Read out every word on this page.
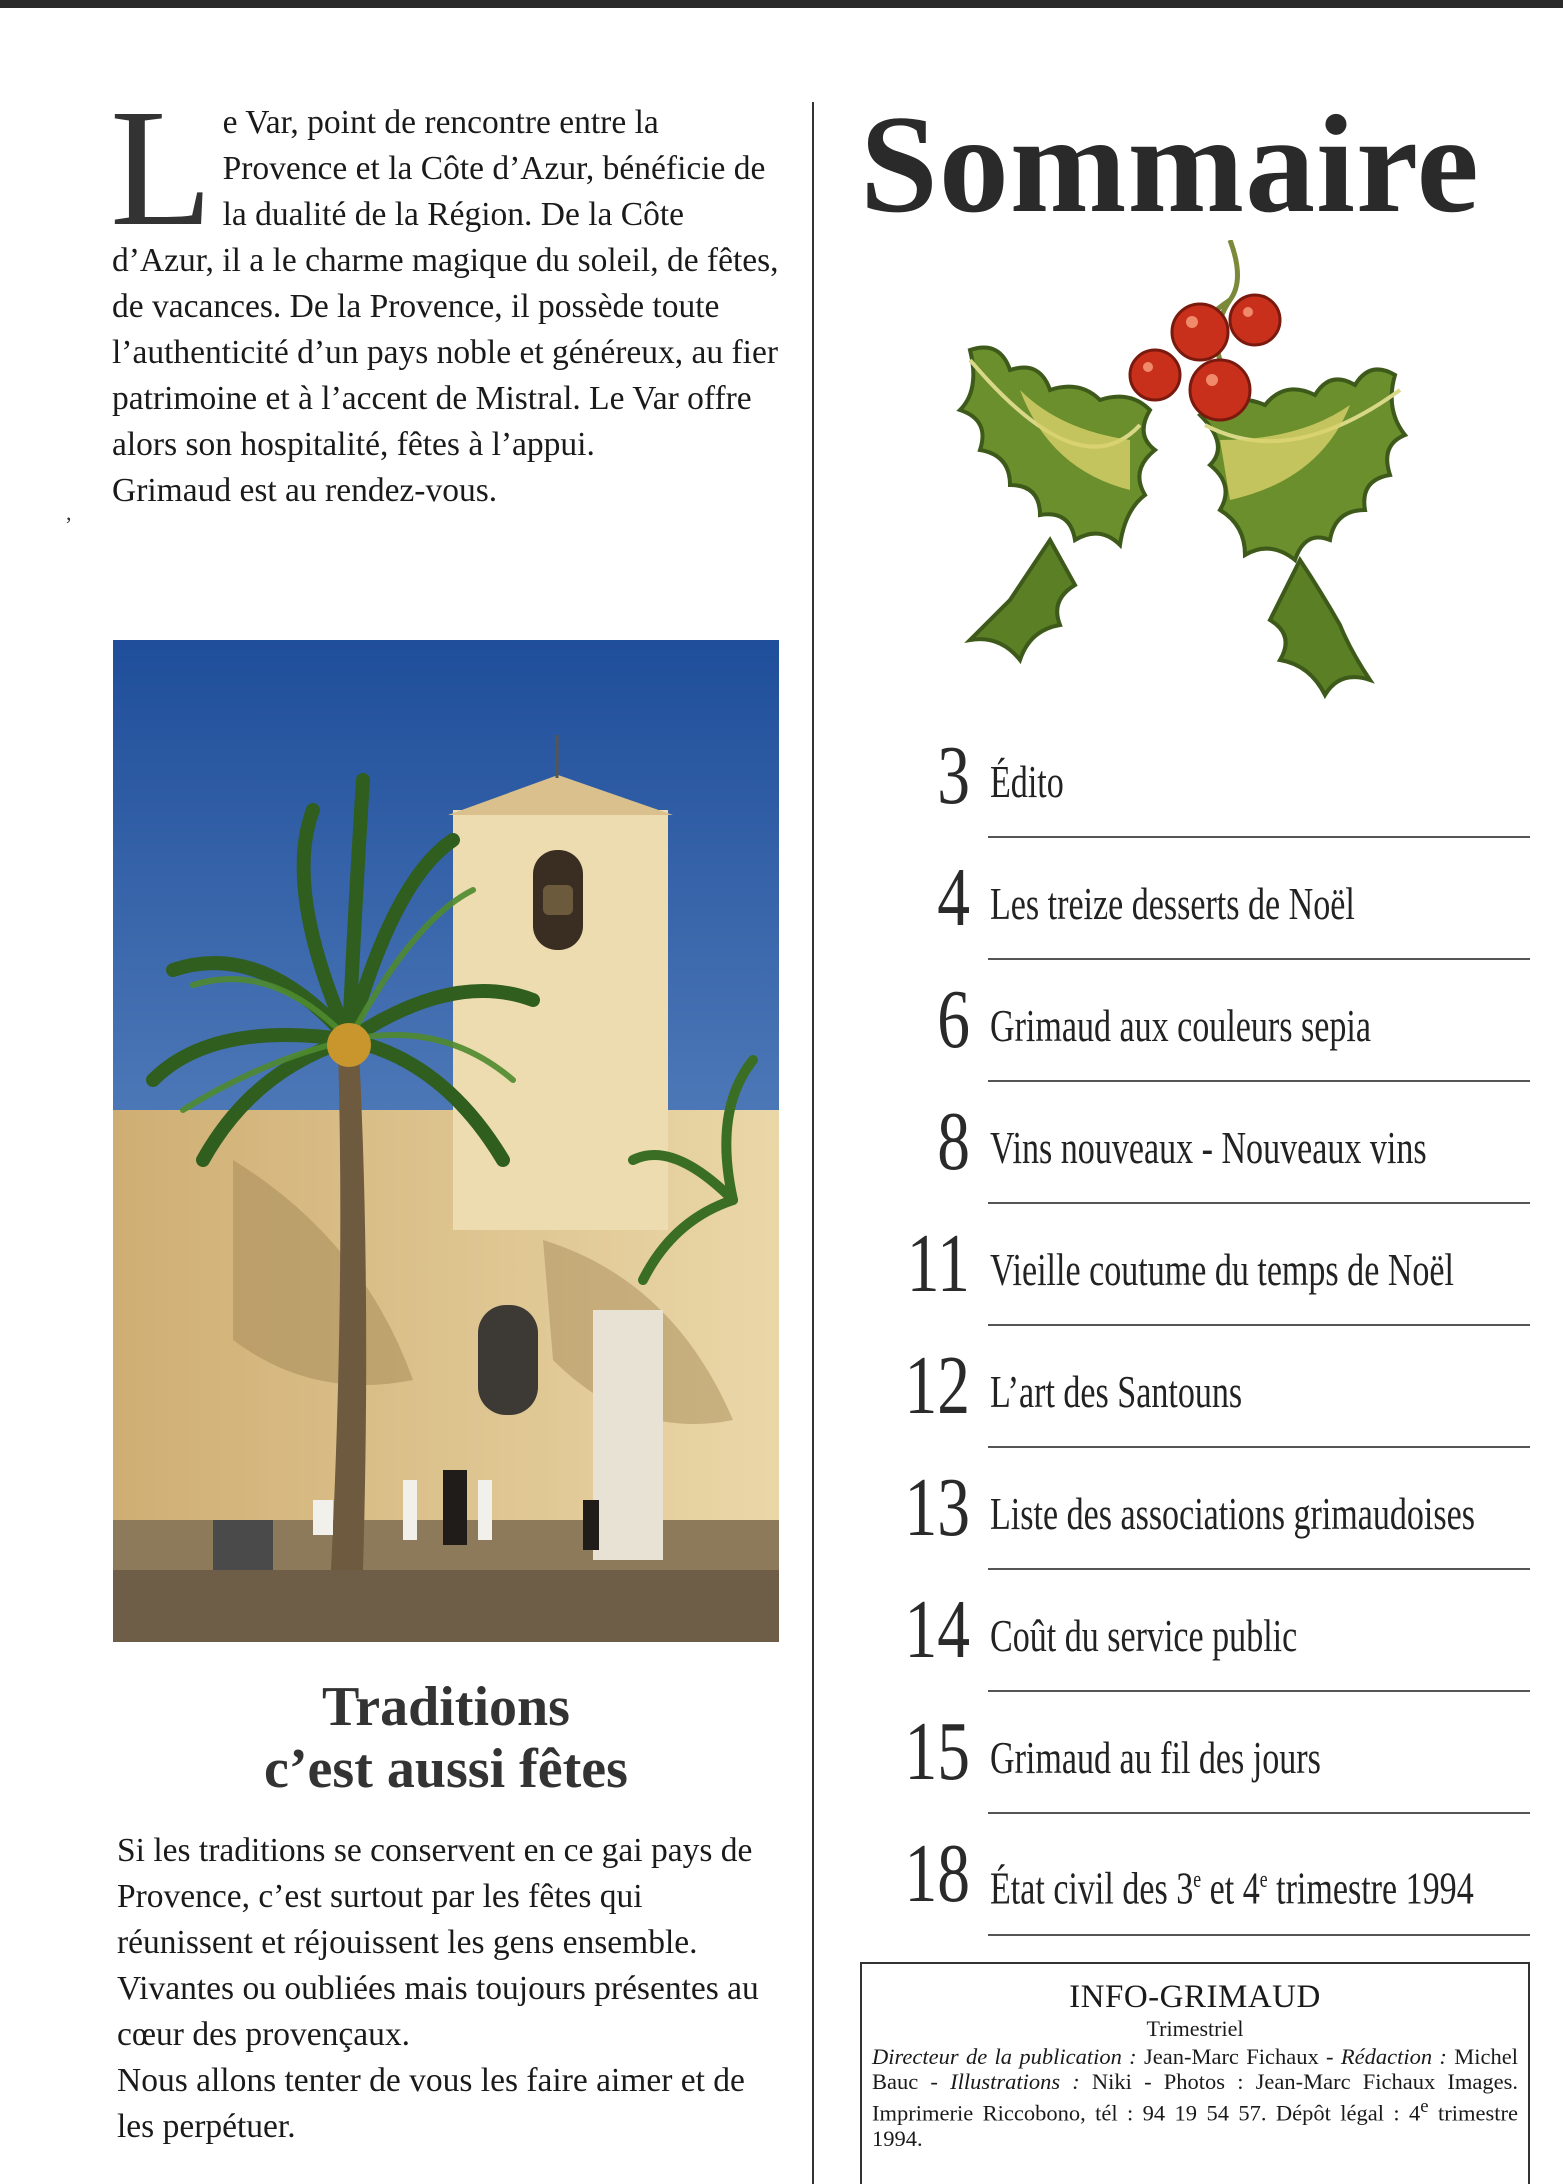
Le Var, point de rencontre entre la Provence et la Côte d’Azur, bénéficie de la dualité de la Région. De la Côte d’Azur, il a le charme magique du soleil, de fêtes, de vacances. De la Provence, il possède toute l’authenticité d’un pays noble et généreux, au fier patrimoine et à l’accent de Mistral. Le Var offre alors son hospitalité, fêtes à l’appui.
Grimaud est au rendez-vous.

,
Traditions
c’est aussi fêtes

Si les traditions se conservent en ce gai pays de Provence, c’est surtout par les fêtes qui réunissent et réjouissent les gens ensemble. Vivantes ou oubliées mais toujours présentes au cœur des provençaux.
Nous allons tenter de vous les faire aimer et de les perpétuer.

Sommaire
3 Édito
4 Les treize desserts de Noël
6 Grimaud aux couleurs sepia
8 Vins nouveaux - Nouveaux vins
11 Vieille coutume du temps de Noël
12 L’art des Santouns
13 Liste des associations grimaudoises
14 Coût du service public
15 Grimaud au fil des jours
18 État civil des 3e et 4e trimestre 1994
INFO-GRIMAUD
Trimestriel
Directeur de la publication : Jean-Marc Fichaux - Rédaction : Michel Bauc - Illustrations : Niki - Photos : Jean-Marc Fichaux Images. Imprimerie Riccobono, tél : 94 19 54 57. Dépôt légal : 4e trimestre 1994.
